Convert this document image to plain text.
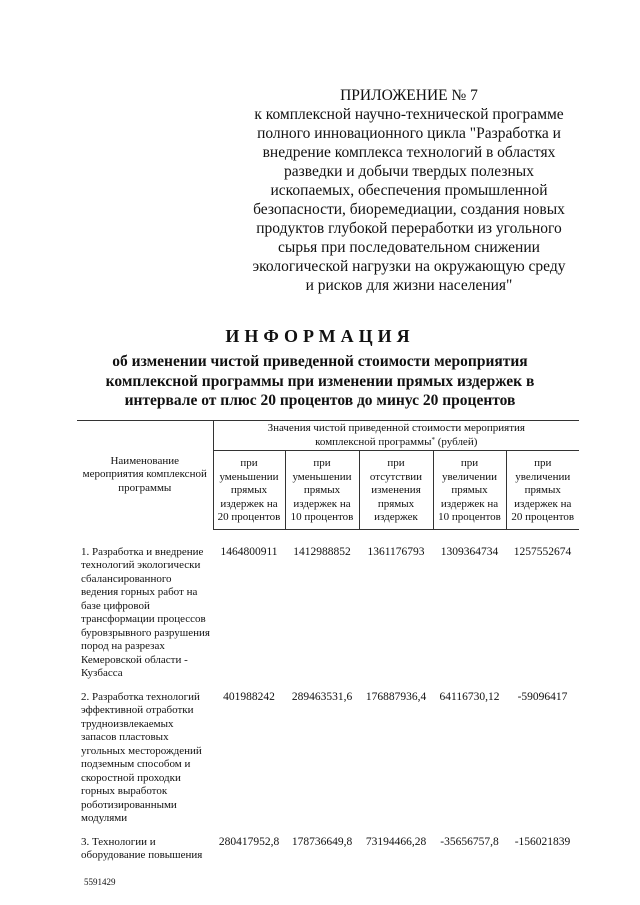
ПРИЛОЖЕНИЕ № 7
к комплексной научно-технической программе
полного инновационного цикла "Разработка и
внедрение комплекса технологий в областях
разведки и добычи твердых полезных
ископаемых, обеспечения промышленной
безопасности, биоремедиации, создания новых
продуктов глубокой переработки из угольного
сырья при последовательном снижении
экологической нагрузки на окружающую среду
и рисков для жизни населения"
ИНФОРМАЦИЯ
об изменении чистой приведенной стоимости мероприятия
комплексной программы при изменении прямых издержек в
интервале от плюс 20 процентов до минус 20 процентов
Наименование мероприятия комплексной программы	Значения чистой приведенной стоимости мероприятия
комплексной программы* (рублей)				
	при уменьшении прямых издержек на 20 процентов	при уменьшении прямых издержек на 10 процентов	при отсутствии изменения прямых издержек	при увеличении прямых издержек на 10 процентов	при увеличении прямых издержек на 20 процентов

1. Разработка и внедрение технологий экологически сбалансированного ведения горных работ на базе цифровой трансформации процессов буровзрывного разрушения пород на разрезах Кемеровской области - Кузбасса	1464800911	1412988852	1361176793	1309364734	1257552674
2. Разработка технологий эффективной отработки трудноизвлекаемых запасов пластовых угольных месторождений подземным способом и скоростной проходки горных выработок роботизированными модулями	401988242	289463531,6	176887936,4	64116730,12	-59096417
3. Технологии и оборудование повышения	280417952,8	178736649,8	73194466,28	-35656757,8	-156021839
5591429
